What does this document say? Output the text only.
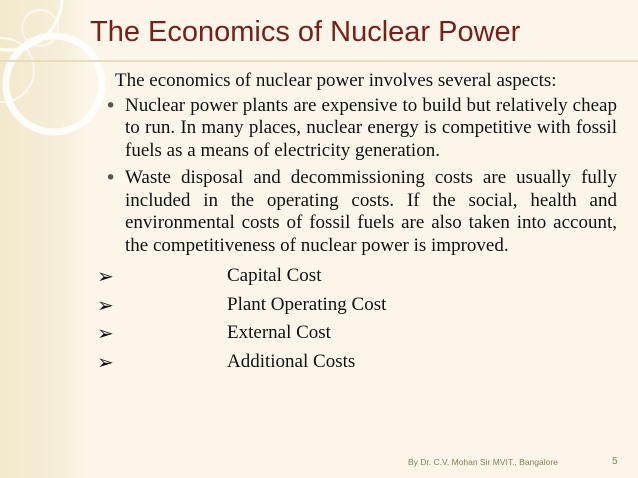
The Economics of Nuclear Power

The economics of nuclear power involves several aspects:

• Nuclear power plants are expensive to build but relatively cheap to run. In many places, nuclear energy is competitive with fossil fuels as a means of electricity generation.

• Waste disposal and decommissioning costs are usually fully included in the operating costs. If the social, health and environmental costs of fossil fuels are also taken into account, the competitiveness of nuclear power is improved.

➢	Capital Cost
➢	Plant Operating Cost
➢	External Cost
➢	Additional Costs
By Dr. C.V. Mohan Sir MVIT., Bangalore	5
